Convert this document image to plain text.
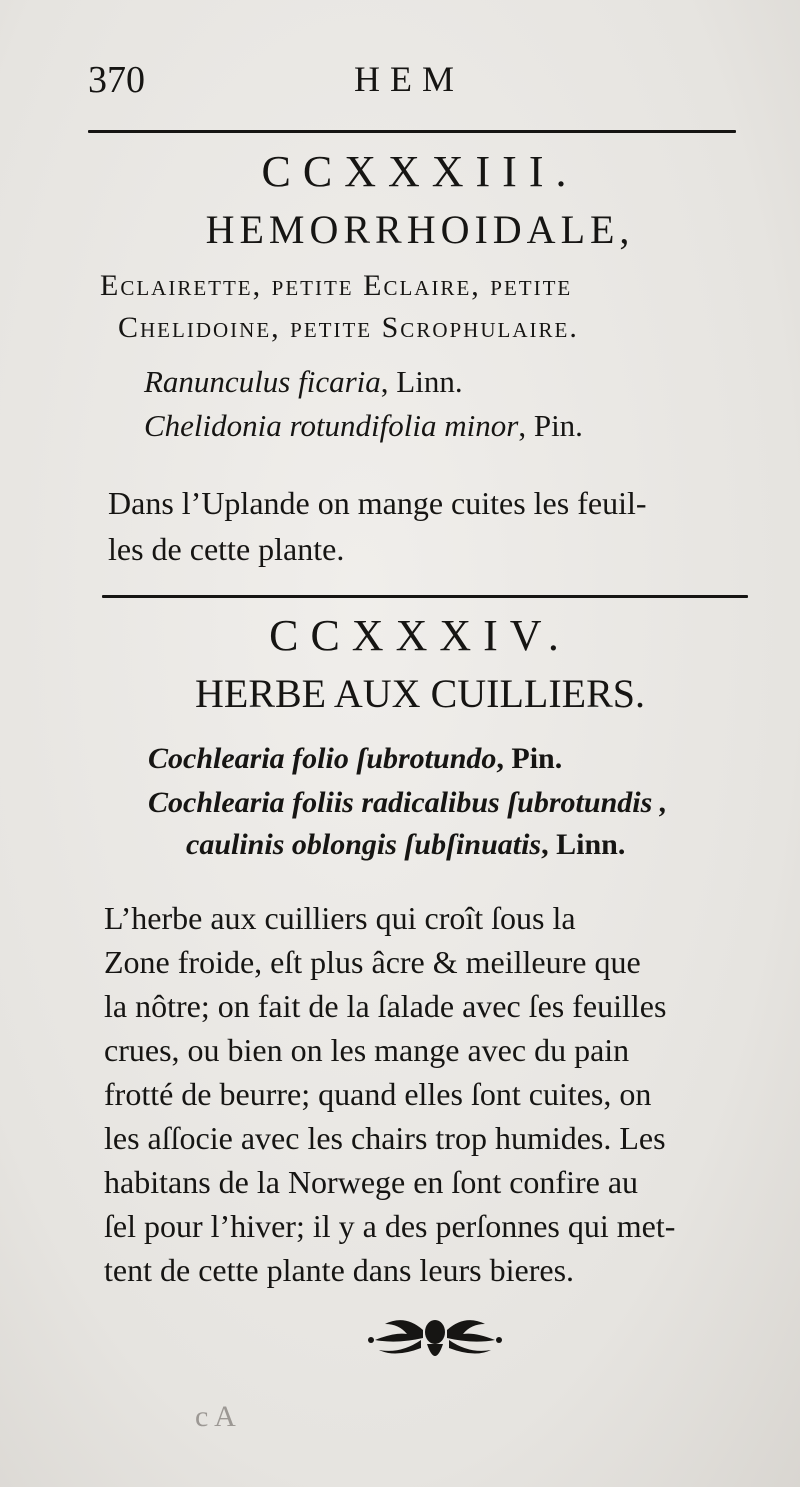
370	HEM
CCXXXIII.
HEMORRHOIDALE,
Eclairette, petite Eclaire, petite
Chelidoine, petite Scrophulaire.
Ranunculus ficaria, Linn.
Chelidonia rotundifolia minor, Pin.
Dans l’Uplande on mange cuites les feuil-
les de cette plante.
CCXXXIV.
HERBE AUX CUILLIERS.
Cochlearia folio ſubrotundo, Pin.
Cochlearia foliis radicalibus ſubrotundis ,
caulinis oblongis ſubſinuatis, Linn.
L’herbe aux cuilliers qui croît ſous la
Zone froide, eſt plus âcre & meilleure que
la nôtre; on fait de la ſalade avec ſes feuilles
crues, ou bien on les mange avec du pain
frotté de beurre; quand elles ſont cuites, on
les aſſocie avec les chairs trop humides. Les
habitans de la Norwege en ſont confire au
ſel pour l’hiver; il y a des perſonnes qui met-
tent de cette plante dans leurs bieres.
c A
